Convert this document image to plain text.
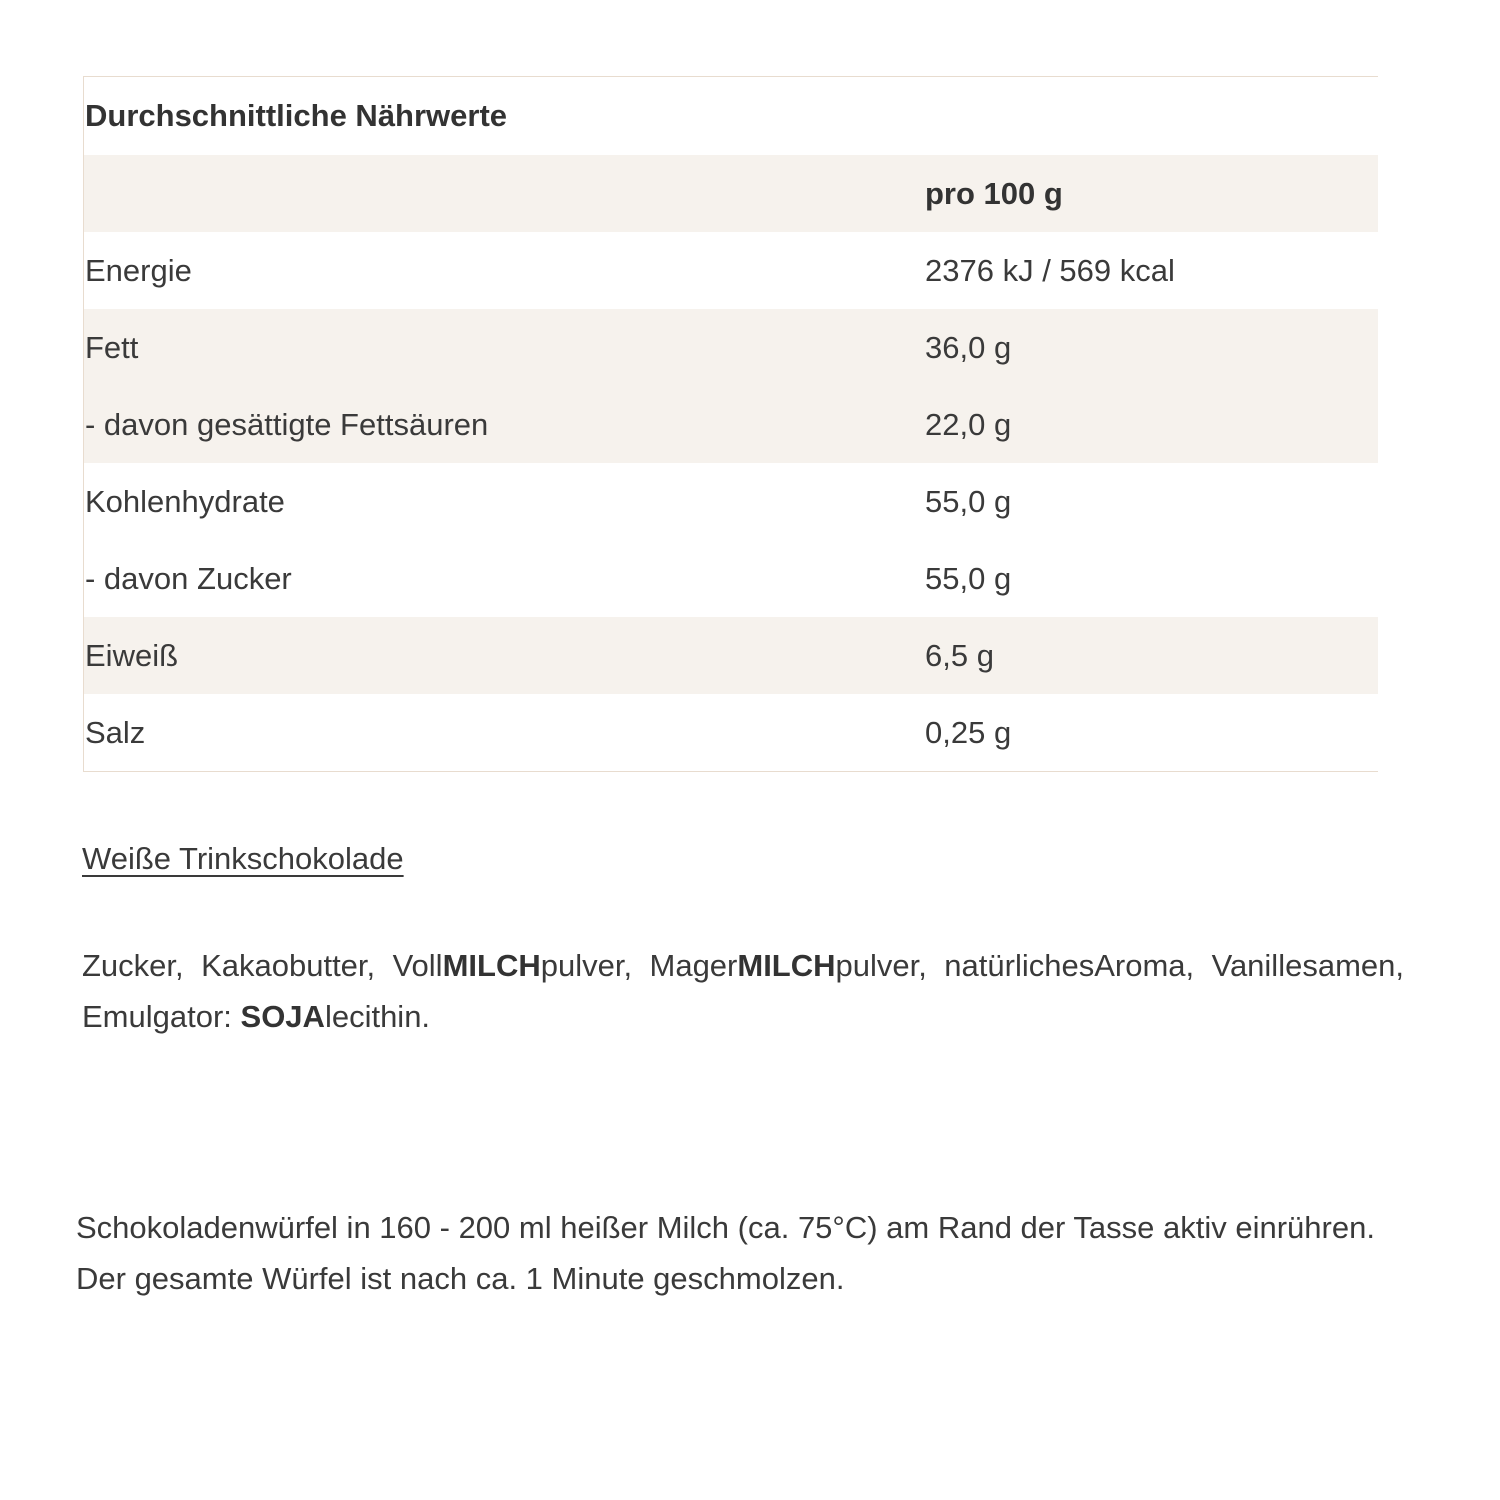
Durchschnittliche Nährwerte
pro 100 g
Energie	2376 kJ / 569 kcal
Fett	36,0 g
- davon gesättigte Fettsäuren	22,0 g
Kohlenhydrate	55,0 g
- davon Zucker	55,0 g
Eiweiß	6,5 g
Salz	0,25 g
Weiße Trinkschokolade

Zucker, Kakaobutter, VollMILCHpulver, MagerMILCHpulver, natürlichesAroma, Vanillesamen, Emulgator: SOJAlecithin.

Schokoladenwürfel in 160 - 200 ml heißer Milch (ca. 75°C) am Rand der Tasse aktiv einrühren.
Der gesamte Würfel ist nach ca. 1 Minute geschmolzen.
